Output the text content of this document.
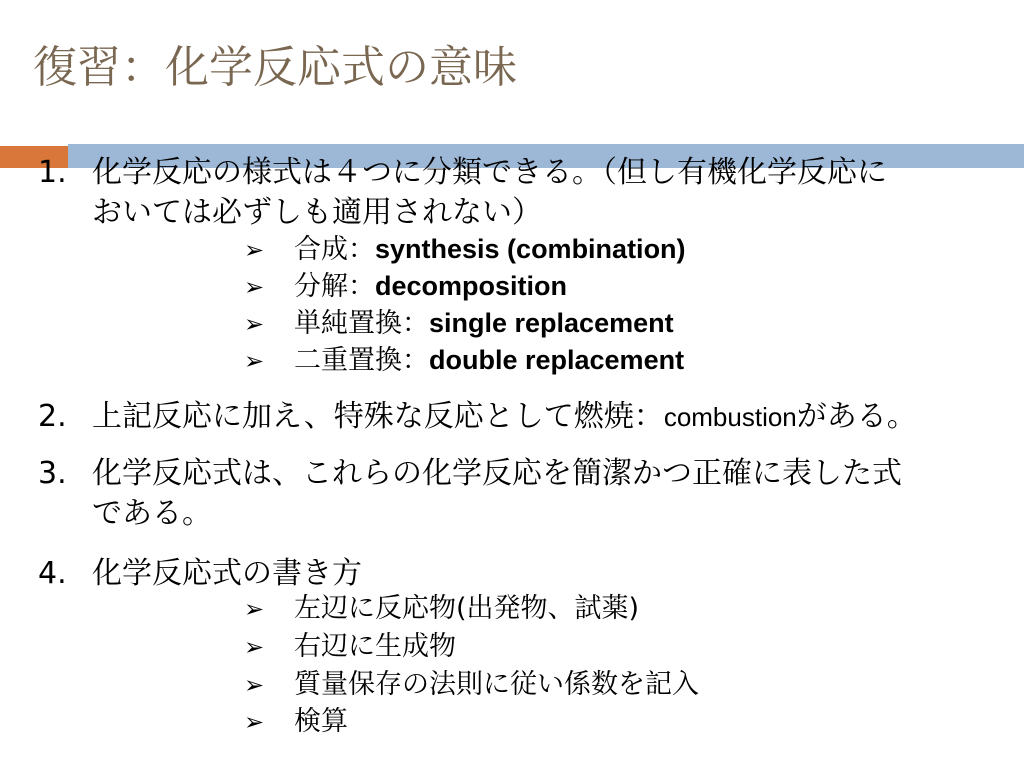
復習：化学反応式の意味
1. 化学反応の様式は４つに分類できる。（但し有機化学反応に
おいては必ずしも適用されない）
➢ 合成：synthesis (combination)
➢ 分解：decomposition
➢ 単純置換：single replacement
➢ 二重置換：double replacement
2. 上記反応に加え、特殊な反応として燃焼：combustionがある。
3. 化学反応式は、これらの化学反応を簡潔かつ正確に表した式
である。
4. 化学反応式の書き方
➢ 左辺に反応物(出発物、試薬)
➢ 右辺に生成物
➢ 質量保存の法則に従い係数を記入
➢ 検算
